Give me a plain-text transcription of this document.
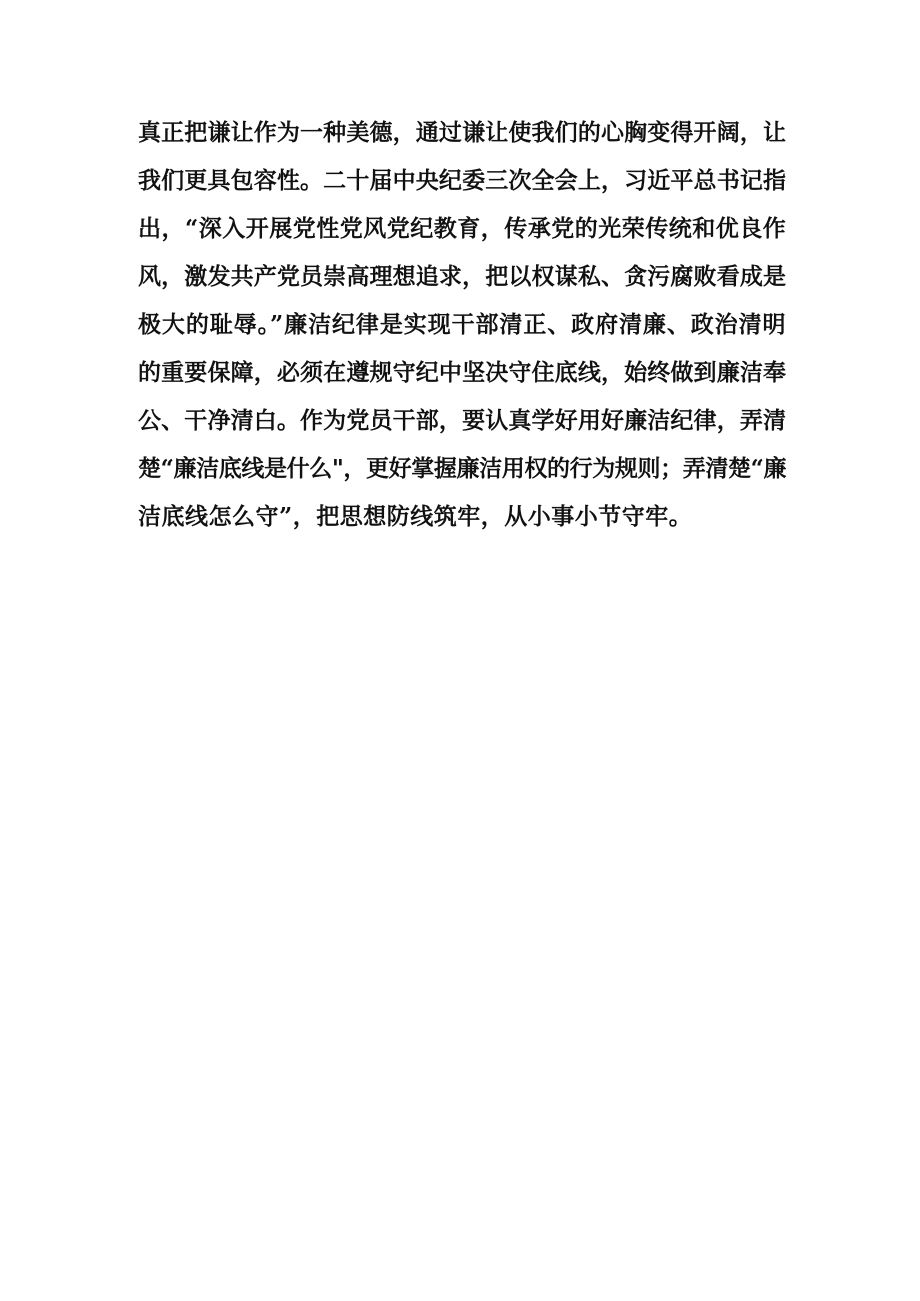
真正把谦让作为一种美德，通过谦让使我们的心胸变得开阔，让
我们更具包容性。二十届中央纪委三次全会上，习近平总书记指
出，“深入开展党性党风党纪教育，传承党的光荣传统和优良作
风，激发共产党员崇高理想追求，把以权谋私、贪污腐败看成是
极大的耻辱。”廉洁纪律是实现干部清正、政府清廉、政治清明
的重要保障，必须在遵规守纪中坚决守住底线，始终做到廉洁奉
公、干净清白。作为党员干部，要认真学好用好廉洁纪律，弄清
楚“廉洁底线是什么"，更好掌握廉洁用权的行为规则；弄清楚“廉
洁底线怎么守”，把思想防线筑牢，从小事小节守牢。
